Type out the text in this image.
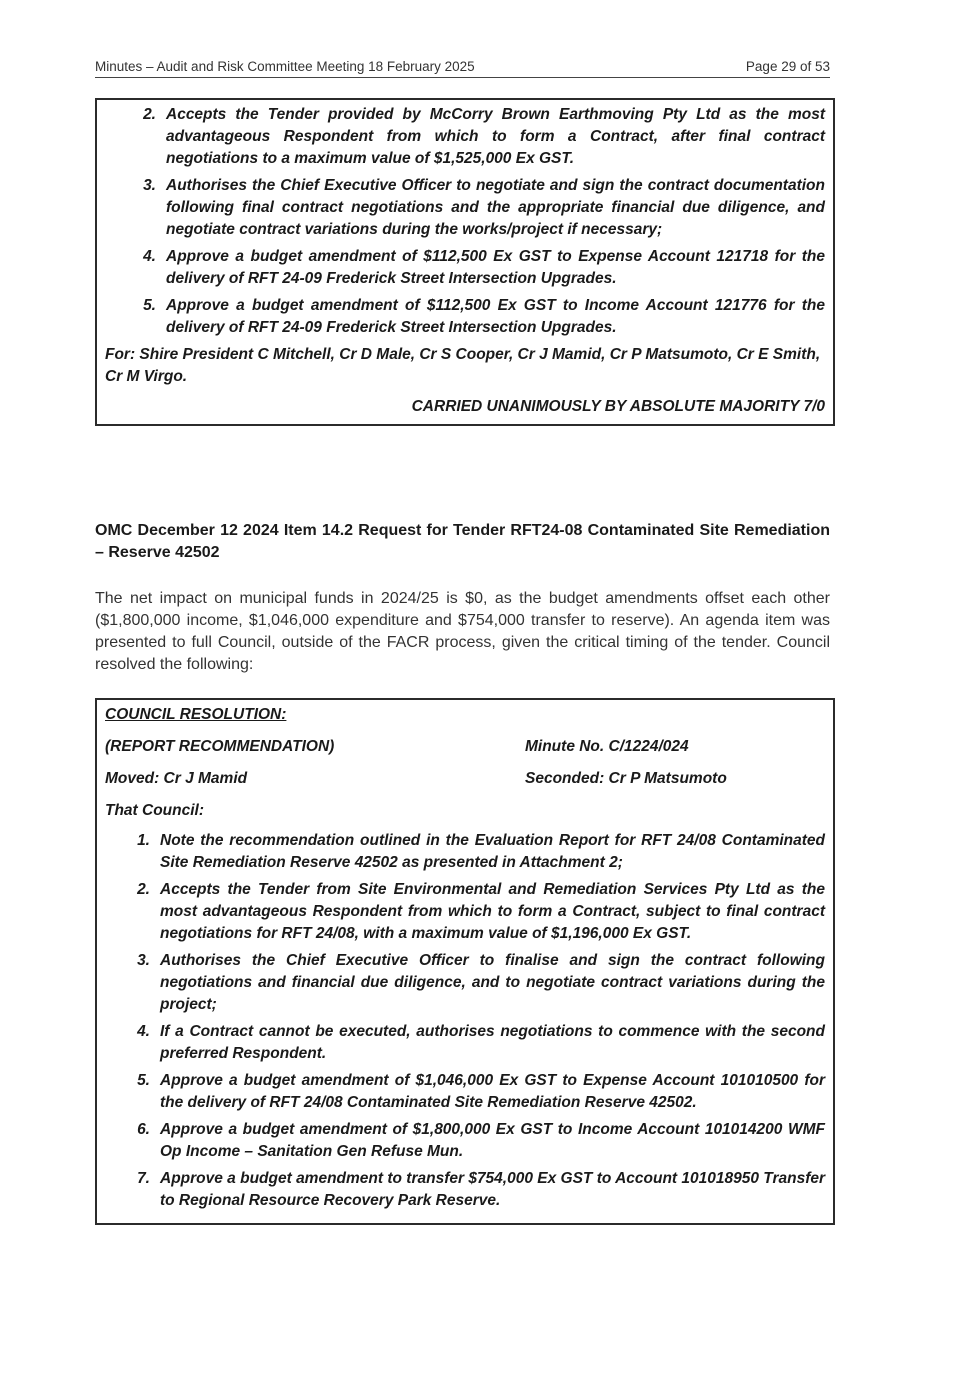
Minutes – Audit and Risk Committee Meeting 18 February 2025	Page 29 of 53
2. Accepts the Tender provided by McCorry Brown Earthmoving Pty Ltd as the most advantageous Respondent from which to form a Contract, after final contract negotiations to a maximum value of $1,525,000 Ex GST.
3. Authorises the Chief Executive Officer to negotiate and sign the contract documentation following final contract negotiations and the appropriate financial due diligence, and negotiate contract variations during the works/project if necessary;
4. Approve a budget amendment of $112,500 Ex GST to Expense Account 121718 for the delivery of RFT 24-09 Frederick Street Intersection Upgrades.
5. Approve a budget amendment of $112,500 Ex GST to Income Account 121776 for the delivery of RFT 24-09 Frederick Street Intersection Upgrades.
For: Shire President C Mitchell, Cr D Male, Cr S Cooper, Cr J Mamid, Cr P Matsumoto, Cr E Smith, Cr M Virgo.
CARRIED UNANIMOUSLY BY ABSOLUTE MAJORITY 7/0
OMC December 12 2024 Item 14.2 Request for Tender RFT24-08 Contaminated Site Remediation – Reserve 42502
The net impact on municipal funds in 2024/25 is $0, as the budget amendments offset each other ($1,800,000 income, $1,046,000 expenditure and $754,000 transfer to reserve). An agenda item was presented to full Council, outside of the FACR process, given the critical timing of the tender. Council resolved the following:
COUNCIL RESOLUTION:
(REPORT RECOMMENDATION)	Minute No. C/1224/024
Moved: Cr J Mamid	Seconded: Cr P Matsumoto
That Council:
1. Note the recommendation outlined in the Evaluation Report for RFT 24/08 Contaminated Site Remediation Reserve 42502 as presented in Attachment 2;
2. Accepts the Tender from Site Environmental and Remediation Services Pty Ltd as the most advantageous Respondent from which to form a Contract, subject to final contract negotiations for RFT 24/08, with a maximum value of $1,196,000 Ex GST.
3. Authorises the Chief Executive Officer to finalise and sign the contract following negotiations and financial due diligence, and to negotiate contract variations during the project;
4. If a Contract cannot be executed, authorises negotiations to commence with the second preferred Respondent.
5. Approve a budget amendment of $1,046,000 Ex GST to Expense Account 101010500 for the delivery of RFT 24/08 Contaminated Site Remediation Reserve 42502.
6. Approve a budget amendment of $1,800,000 Ex GST to Income Account 101014200 WMF Op Income – Sanitation Gen Refuse Mun.
7. Approve a budget amendment to transfer $754,000 Ex GST to Account 101018950 Transfer to Regional Resource Recovery Park Reserve.
